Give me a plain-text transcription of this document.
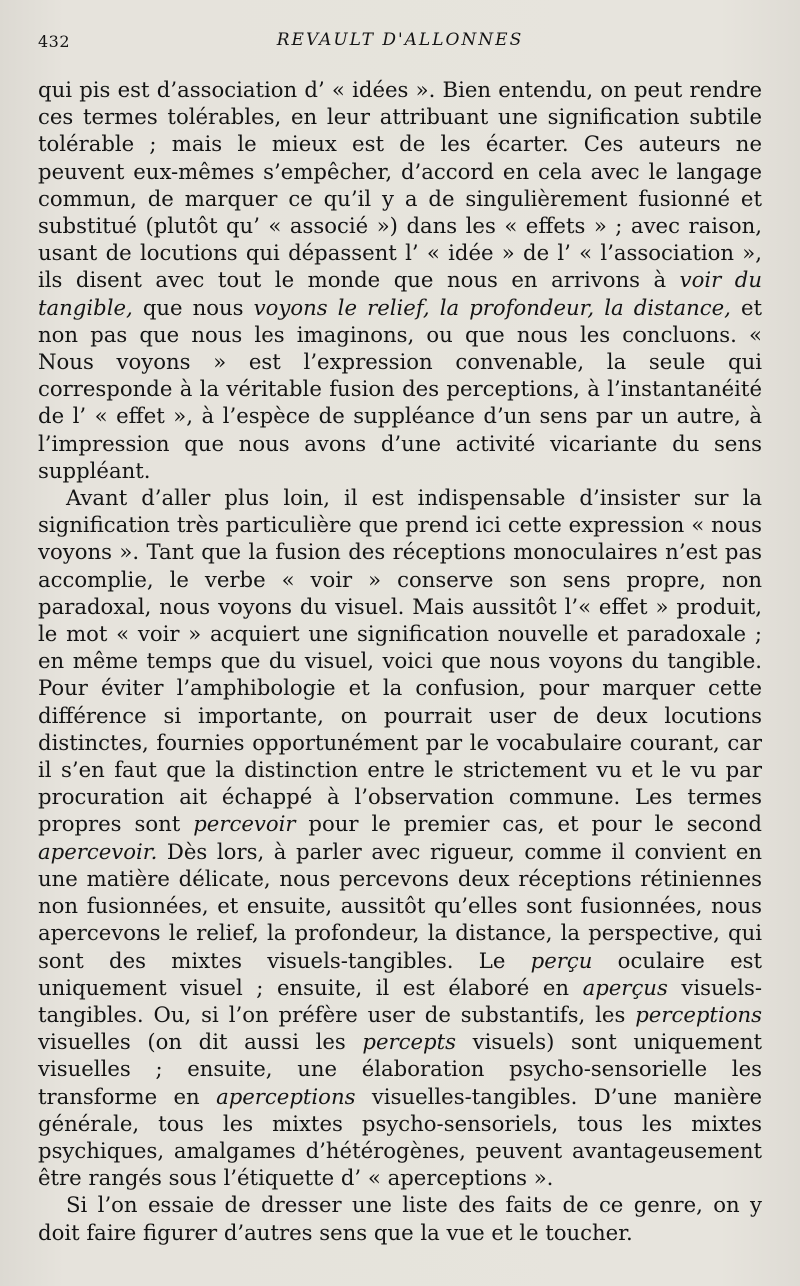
432	REVAULT D'ALLONNES

qui pis est d’association d’ « idées ». Bien entendu, on peut rendre ces termes tolérables, en leur attribuant une signification subtile tolérable ; mais le mieux est de les écarter. Ces auteurs ne peuvent eux-mêmes s’empêcher, d’accord en cela avec le langage commun, de marquer ce qu’il y a de singulièrement fusionné et substitué (plutôt qu’ « associé ») dans les « effets » ; avec raison, usant de locutions qui dépassent l’ « idée » de l’ « l’association », ils disent avec tout le monde que nous en arrivons à voir du tangible, que nous voyons le relief, la profondeur, la distance, et non pas que nous les imaginons, ou que nous les concluons. « Nous voyons » est l’expression convenable, la seule qui corresponde à la véritable fusion des perceptions, à l’instantanéité de l’ « effet », à l’espèce de suppléance d’un sens par un autre, à l’impression que nous avons d’une activité vicariante du sens suppléant.

Avant d’aller plus loin, il est indispensable d’insister sur la signification très particulière que prend ici cette expression « nous voyons ». Tant que la fusion des réceptions monoculaires n’est pas accomplie, le verbe « voir » conserve son sens propre, non paradoxal, nous voyons du visuel. Mais aussitôt l’« effet » produit, le mot « voir » acquiert une signification nouvelle et paradoxale ; en même temps que du visuel, voici que nous voyons du tangible. Pour éviter l’amphibologie et la confusion, pour marquer cette différence si importante, on pourrait user de deux locutions distinctes, fournies opportunément par le vocabulaire courant, car il s’en faut que la distinction entre le strictement vu et le vu par procuration ait échappé à l’observation commune. Les termes propres sont percevoir pour le premier cas, et pour le second apercevoir. Dès lors, à parler avec rigueur, comme il convient en une matière délicate, nous percevons deux réceptions rétiniennes non fusionnées, et ensuite, aussitôt qu’elles sont fusionnées, nous apercevons le relief, la profondeur, la distance, la perspective, qui sont des mixtes visuels-tangibles. Le perçu oculaire est uniquement visuel ; ensuite, il est élaboré en aperçus visuels-tangibles. Ou, si l’on préfère user de substantifs, les perceptions visuelles (on dit aussi les percepts visuels) sont uniquement visuelles ; ensuite, une élaboration psycho-sensorielle les transforme en aperceptions visuelles-tangibles. D’une manière générale, tous les mixtes psycho-sensoriels, tous les mixtes psychiques, amalgames d’hétérogènes, peuvent avantageusement être rangés sous l’étiquette d’ « aperceptions ».

Si l’on essaie de dresser une liste des faits de ce genre, on y doit faire figurer d’autres sens que la vue et le toucher.
